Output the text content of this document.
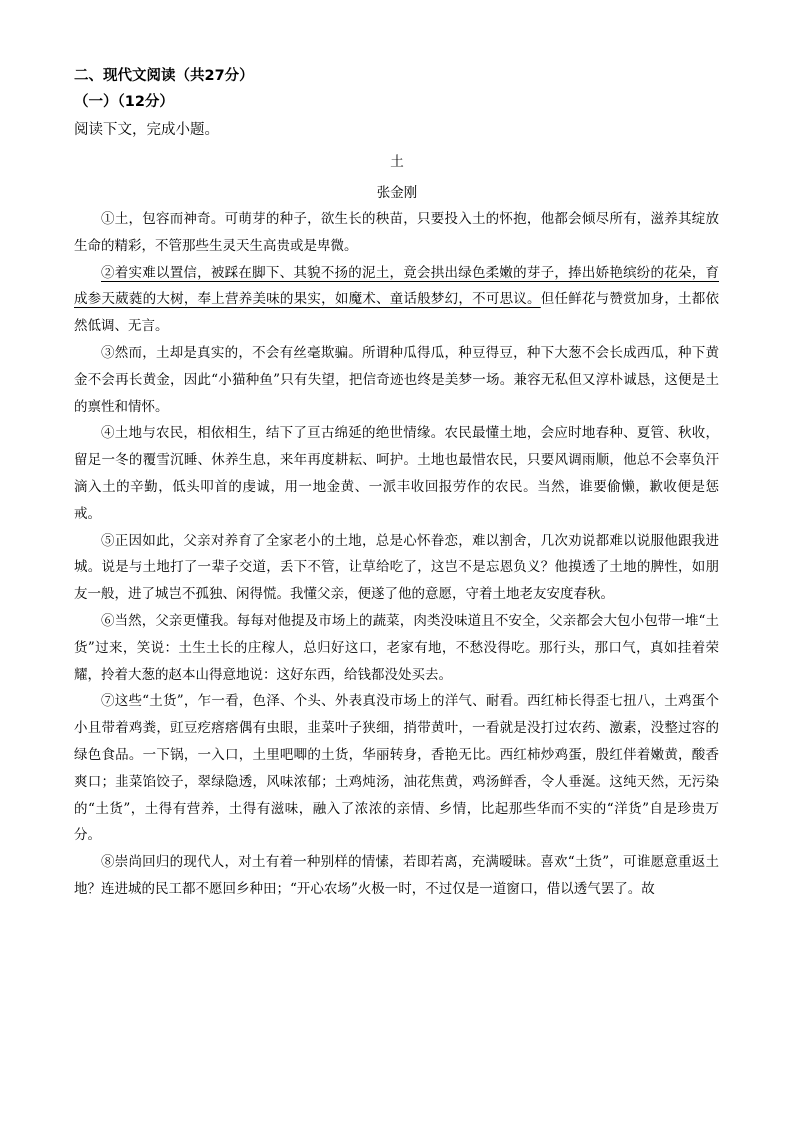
二、现代文阅读（共27分）
（一）（12分）
阅读下文，完成小题。
土
张金刚

①土，包容而神奇。可萌芽的种子，欲生长的秧苗，只要投入土的怀抱，他都会倾尽所有，滋养其绽放生命的精彩，不管那些生灵天生高贵或是卑微。

②着实难以置信，被踩在脚下、其貌不扬的泥土，竟会拱出绿色柔嫩的芽子，捧出娇艳缤纷的花朵，育成参天葳蕤的大树，奉上营养美味的果实，如魔术、童话般梦幻，不可思议。但任鲜花与赞赏加身，土都依然低调、无言。

③然而，土却是真实的，不会有丝毫欺骗。所谓种瓜得瓜，种豆得豆，种下大葱不会长成西瓜，种下黄金不会再长黄金，因此“小猫种鱼”只有失望，把信奇迹也终是美梦一场。兼容无私但又淳朴诚恳，这便是土的禀性和情怀。

④土地与农民，相依相生，结下了亘古绵延的绝世情缘。农民最懂土地，会应时地春种、夏管、秋收，留足一冬的覆雪沉睡、休养生息，来年再度耕耘、呵护。土地也最惜农民，只要风调雨顺，他总不会辜负汗滴入土的辛勤，低头叩首的虔诚，用一地金黄、一派丰收回报劳作的农民。当然，谁要偷懒，歉收便是惩戒。

⑤正因如此，父亲对养育了全家老小的土地，总是心怀眷恋，难以割舍，几次劝说都难以说服他跟我进城。说是与土地打了一辈子交道，丢下不管，让草给吃了，这岂不是忘恩负义？他摸透了土地的脾性，如朋友一般，进了城岂不孤独、闲得慌。我懂父亲，便遂了他的意愿，守着土地老友安度春秋。

⑥当然，父亲更懂我。每每对他提及市场上的蔬菜，肉类没味道且不安全，父亲都会大包小包带一堆“土货”过来，笑说：土生土长的庄稼人，总归好这口，老家有地，不愁没得吃。那行头，那口气，真如挂着荣耀，拎着大葱的赵本山得意地说：这好东西，给钱都没处买去。

⑦这些“土货”，乍一看，色泽、个头、外表真没市场上的洋气、耐看。西红柿长得歪七扭八，土鸡蛋个小且带着鸡粪，豇豆疙瘩瘩偶有虫眼，韭菜叶子狭细，捎带黄叶，一看就是没打过农药、激素，没整过容的绿色食品。一下锅，一入口，土里吧唧的土货，华丽转身，香艳无比。西红柿炒鸡蛋，殷红伴着嫩黄，酸香爽口；韭菜馅饺子，翠绿隐透，风味浓郁；土鸡炖汤，油花焦黄，鸡汤鲜香，令人垂涎。这纯天然，无污染的“土货”，土得有营养，土得有滋味，融入了浓浓的亲情、乡情，比起那些华而不实的“洋货”自是珍贵万分。

⑧崇尚回归的现代人，对土有着一种别样的情愫，若即若离，充满暧昧。喜欢“土货”，可谁愿意重返土地？连进城的民工都不愿回乡种田；“开心农场”火极一时，不过仅是一道窗口，借以透气罢了。故
